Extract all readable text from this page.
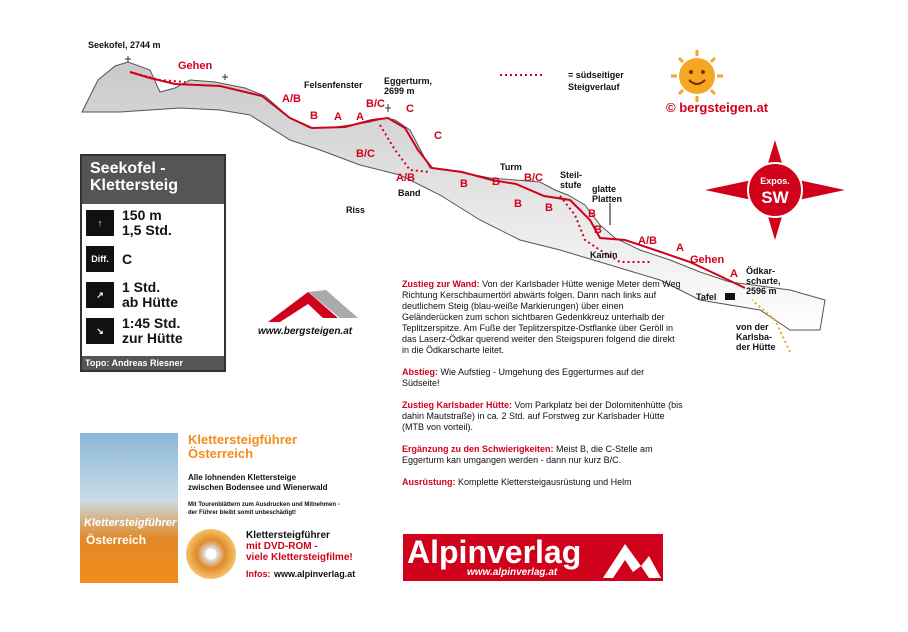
Seekofel, 2744 m
Felsenfenster Eggerturm,
2699 m
Turm
Steil-
stufe glatte
Platten
Band
Riss
Kamin
Tafel
Ödkar-
scharte,
2596 m
von der
Karlsba-
der Hütte
= südseitiger
Steigverlauf
© bergsteigen.at
Expos.
SW
Gehen
A/B
B A A
B/C C
C
B/C
A/B	B B B/C
B B	B
B
A/B
A
Gehen
A
Seekofel -
Klettersteig
↑	150 m
1,5 Std.
Diff. C
↗	1 Std.
ab Hütte
↘	1:45 Std.
zur Hütte
Topo: Andreas Riesner
www.bergsteigen.at

Zustieg zur Wand: Von der Karlsbader Hütte wenige Meter dem Weg Richtung Kerschbaumertörl abwärts folgen. Dann nach links auf deutlichem Steig (blau-weiße Markierungen) über einen Geländerücken zum schon sichtbaren Gedenkkreuz unterhalb der Teplitzerspitze. Am Fuße der Teplitzerspitze-Ostflanke über Geröll in das Laserz-Ödkar querend weiter den Steigspuren folgend die direkt in die Ödkarscharte leitet.

Abstieg: Wie Aufstieg - Umgehung des Eggerturmes auf der Südseite!

Zustieg Karlsbader Hütte: Vom Parkplatz bei der Dolomitenhütte (bis dahin Mautstraße) in ca. 2 Std. auf Forstweg zur Karlsbader Hütte (MTB von vorteil).

Ergänzung zu den Schwierigkeiten: Meist B, die C-Stelle am Eggerturm kan umgangen werden - dann nur kurz B/C.

Ausrüstung: Komplette Klettersteigausrüstung und Helm

Klettersteigführer
Österreich
Klettersteigführer
Österreich
Alle lohnenden Klettersteige
zwischen Bodensee und Wienerwald
Mit Tourenblättern zum Ausdrucken und Mitnehmen -
der Führer bleibt somit unbeschädigt!
Klettersteigführer
mit DVD-ROM -
viele Klettersteigfilme!
Infos: www.alpinverlag.at
Alpinverlag
www.alpinverlag.at
